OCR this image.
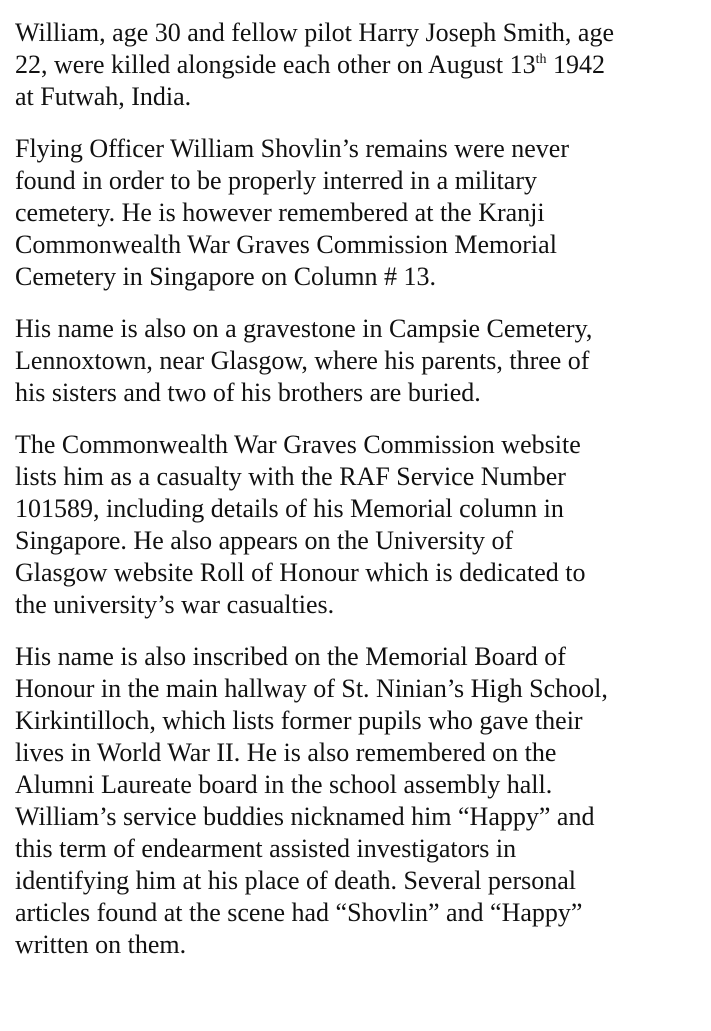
William, age 30 and fellow pilot Harry Joseph Smith, age
22, were killed alongside each other on August 13th 1942
at Futwah, India.

Flying Officer William Shovlin’s remains were never
found in order to be properly interred in a military
cemetery. He is however remembered at the Kranji
Commonwealth War Graves Commission Memorial
Cemetery in Singapore on Column # 13.

His name is also on a gravestone in Campsie Cemetery,
Lennoxtown, near Glasgow, where his parents, three of
his sisters and two of his brothers are buried.

The Commonwealth War Graves Commission website
lists him as a casualty with the RAF Service Number
101589, including details of his Memorial column in
Singapore. He also appears on the University of
Glasgow website Roll of Honour which is dedicated to
the university’s war casualties.

His name is also inscribed on the Memorial Board of
Honour in the main hallway of St. Ninian’s High School,
Kirkintilloch, which lists former pupils who gave their
lives in World War II. He is also remembered on the
Alumni Laureate board in the school assembly hall.
William’s service buddies nicknamed him “Happy” and
this term of endearment assisted investigators in
identifying him at his place of death. Several personal
articles found at the scene had “Shovlin” and “Happy”
written on them.
